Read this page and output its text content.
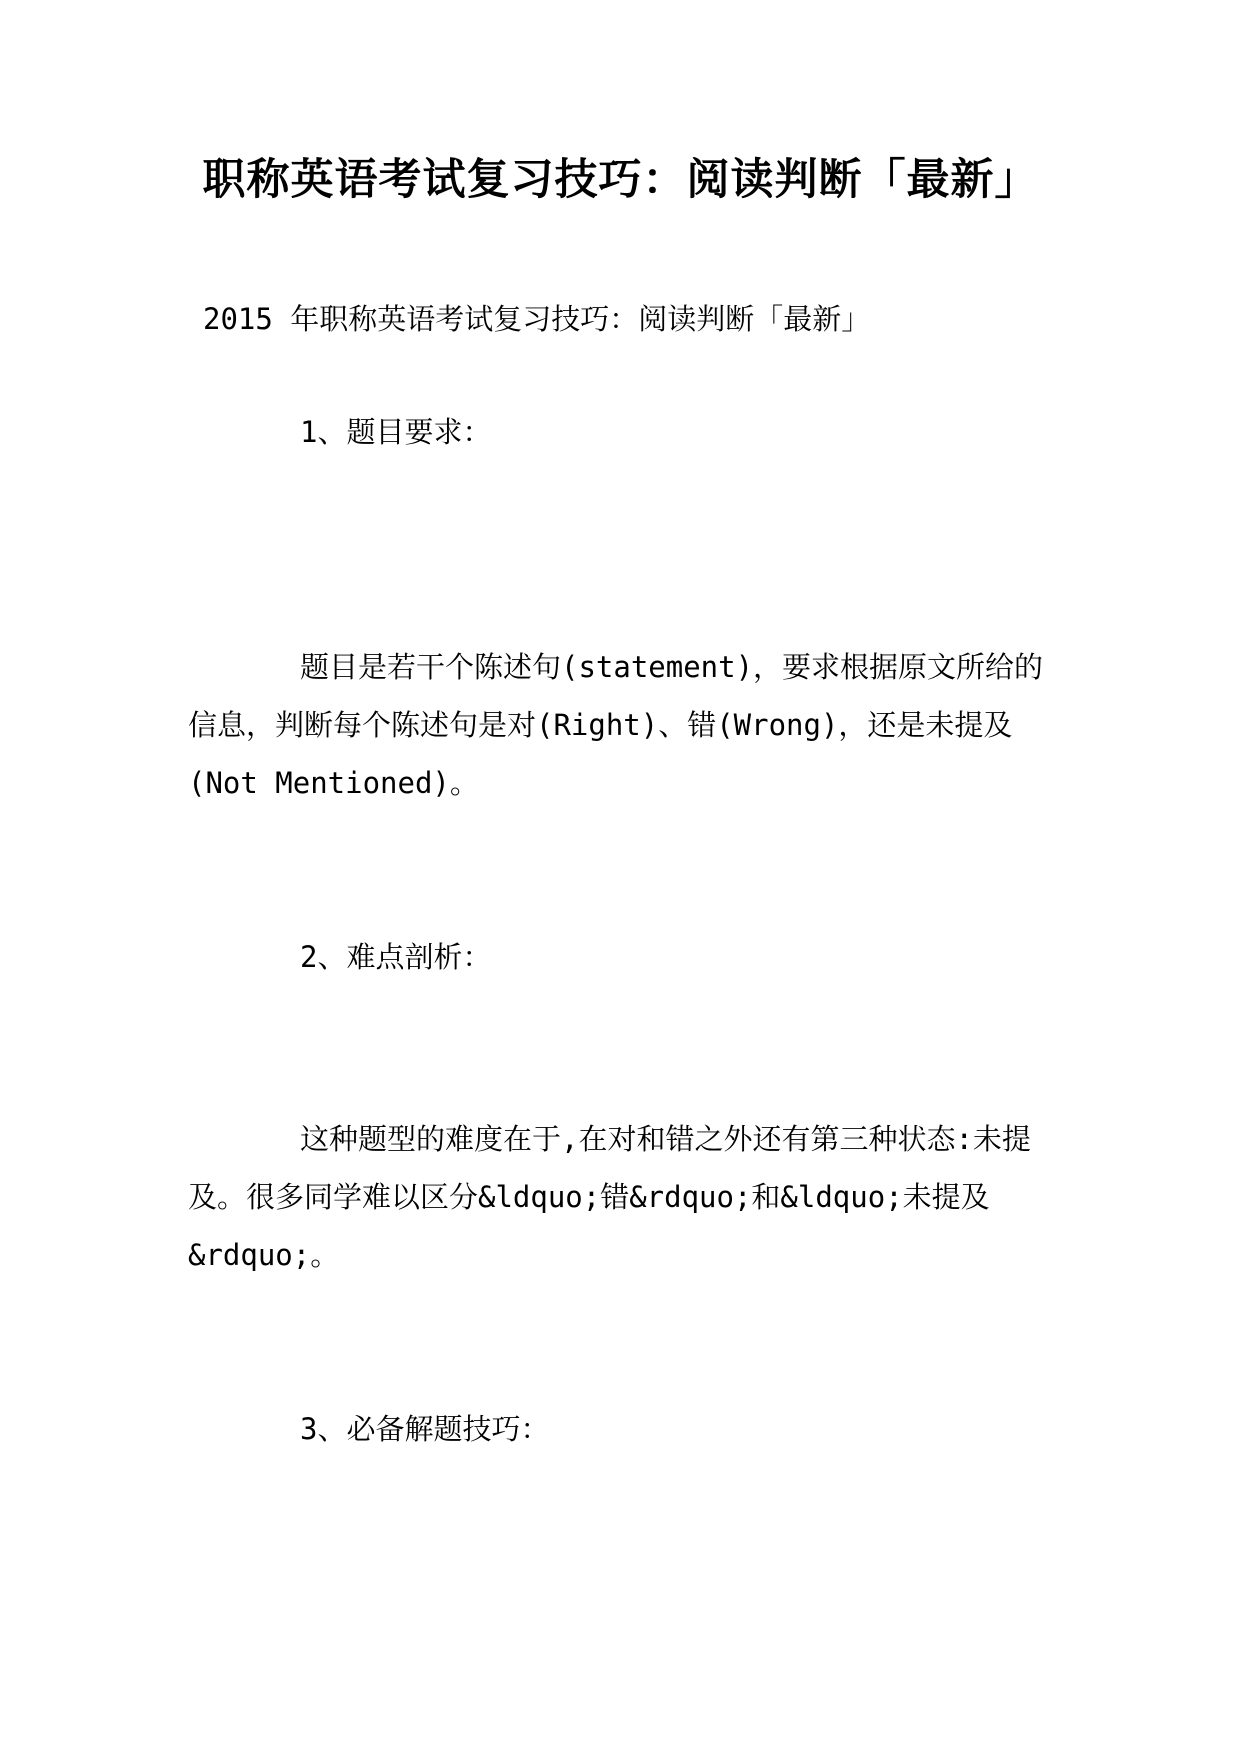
职称英语考试复习技巧：阅读判断「最新」

2015 年职称英语考试复习技巧：阅读判断「最新」

1、题目要求：

题目是若干个陈述句(statement)，要求根据原文所给的信息，判断每个陈述句是对(Right)、错(Wrong)，还是未提及(Not Mentioned)。

2、难点剖析：

这种题型的难度在于,在对和错之外还有第三种状态:未提及。很多同学难以区分&ldquo;错&rdquo;和&ldquo;未提及&rdquo;。

3、必备解题技巧：
